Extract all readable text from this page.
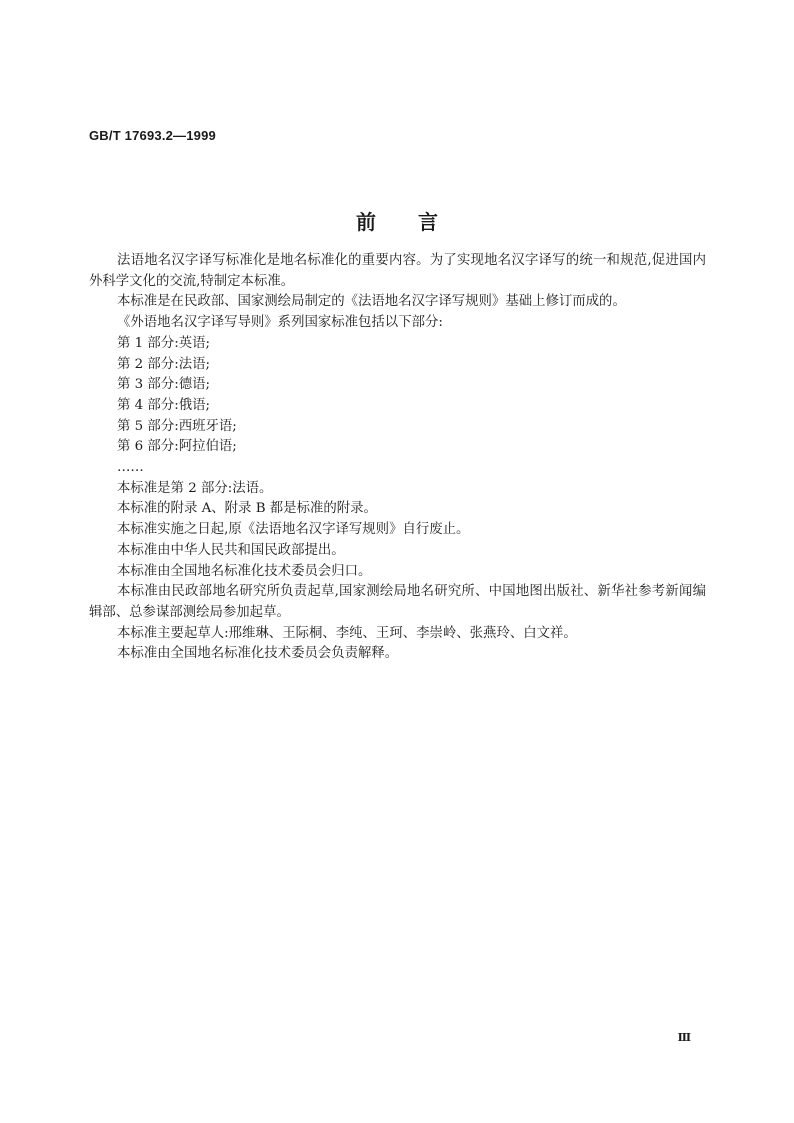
GB/T 17693.2—1999
前言

法语地名汉字译写标准化是地名标准化的重要内容。为了实现地名汉字译写的统一和规范,促进国内外科学文化的交流,特制定本标准。

本标准是在民政部、国家测绘局制定的《法语地名汉字译写规则》基础上修订而成的。

《外语地名汉字译写导则》系列国家标准包括以下部分:

第 1 部分:英语;

第 2 部分:法语;

第 3 部分:德语;

第 4 部分:俄语;

第 5 部分:西班牙语;

第 6 部分:阿拉伯语;

……

本标准是第 2 部分:法语。

本标准的附录 A、附录 B 都是标准的附录。

本标准实施之日起,原《法语地名汉字译写规则》自行废止。

本标准由中华人民共和国民政部提出。

本标准由全国地名标准化技术委员会归口。

本标准由民政部地名研究所负责起草,国家测绘局地名研究所、中国地图出版社、新华社参考新闻编辑部、总参谋部测绘局参加起草。

本标准主要起草人:邢维琳、王际桐、李纯、王珂、李崇岭、张燕玲、白文祥。

本标准由全国地名标准化技术委员会负责解释。

Ⅲ
